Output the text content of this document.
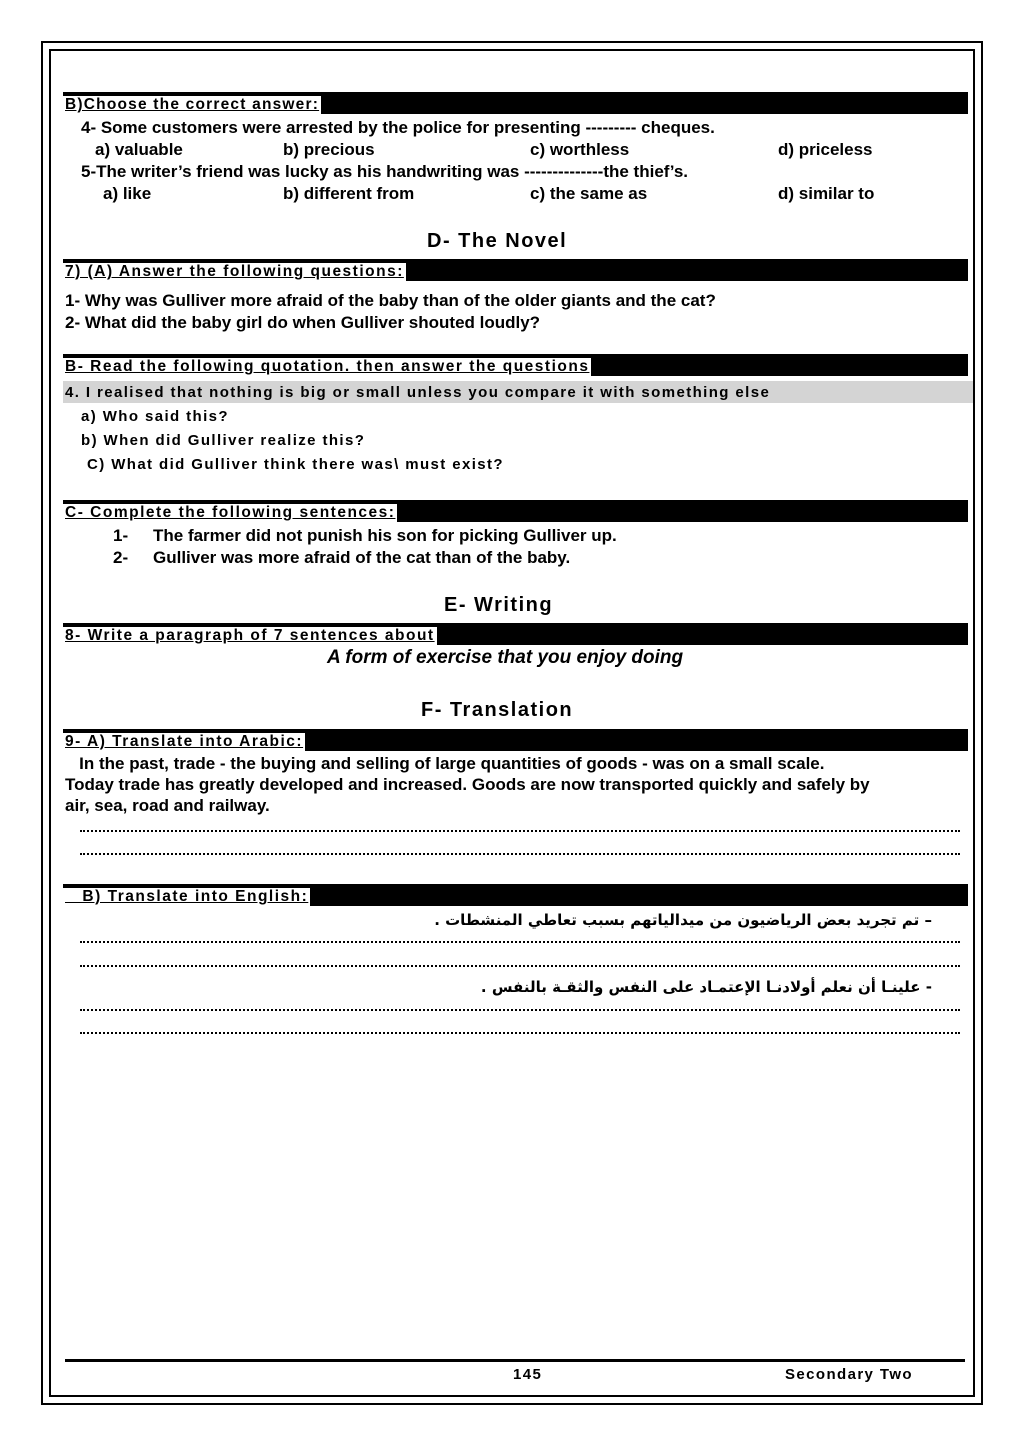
B)Choose the correct answer:
4- Some customers were arrested by the police for presenting --------- cheques.
a) valuable	b) precious	c) worthless	d) priceless
5-The writer’s friend was lucky as his handwriting was --------------the thief’s.
a) like	b) different from	c) the same as	d) similar to
D- The Novel
7) (A) Answer the following questions:
1- Why was Gulliver more afraid of the baby than of the older giants and the cat?
2- What did the baby girl do when Gulliver shouted loudly?
B- Read the following quotation. then answer the questions
4. I realised that nothing is big or small unless you compare it with something else
a) Who said this?
b) When did Gulliver realize this?
C) What did Gulliver think there was\ must exist?
C- Complete the following sentences:
1- The farmer did not punish his son for picking Gulliver up.
2- Gulliver was more afraid of the cat than of the baby.
E- Writing
8- Write a paragraph of 7 sentences about
A form of exercise that you enjoy doing
F- Translation
9- A) Translate into Arabic:
In the past, trade - the buying and selling of large quantities of goods - was on a small scale.
Today trade has greatly developed and increased. Goods are now transported quickly and safely by
air, sea, road and railway.
B) Translate into English:
– تم تجريد بعض الرياضيون من ميدالياتهم بسبب تعاطي المنشطات .
- علينـا أن نعلم أولادنـا الإعتمـاد على النفس والثقـة بالنفس .
145	Secondary Two
